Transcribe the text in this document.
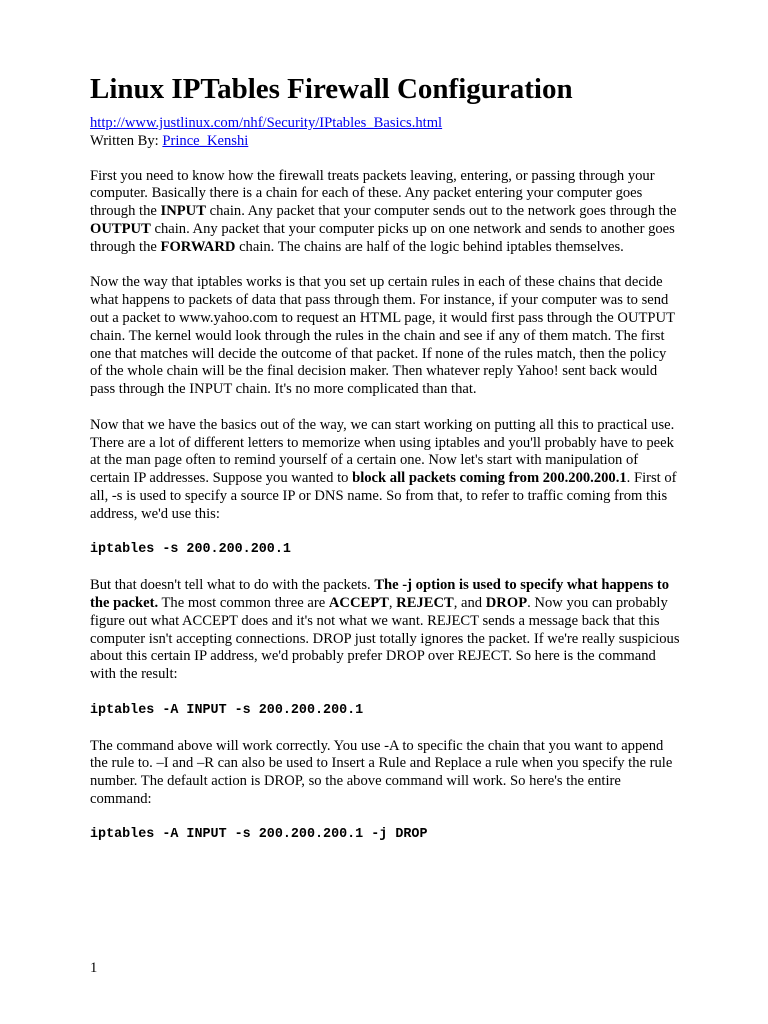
Linux IPTables Firewall Configuration
http://www.justlinux.com/nhf/Security/IPtables_Basics.html
Written By: Prince_Kenshi

First you need to know how the firewall treats packets leaving, entering, or passing through your computer. Basically there is a chain for each of these. Any packet entering your computer goes through the INPUT chain. Any packet that your computer sends out to the network goes through the OUTPUT chain. Any packet that your computer picks up on one network and sends to another goes through the FORWARD chain. The chains are half of the logic behind iptables themselves.

Now the way that iptables works is that you set up certain rules in each of these chains that decide what happens to packets of data that pass through them. For instance, if your computer was to send out a packet to www.yahoo.com to request an HTML page, it would first pass through the OUTPUT chain. The kernel would look through the rules in the chain and see if any of them match. The first one that matches will decide the outcome of that packet. If none of the rules match, then the policy of the whole chain will be the final decision maker. Then whatever reply Yahoo! sent back would pass through the INPUT chain. It's no more complicated than that.

Now that we have the basics out of the way, we can start working on putting all this to practical use. There are a lot of different letters to memorize when using iptables and you'll probably have to peek at the man page often to remind yourself of a certain one. Now let's start with manipulation of certain IP addresses. Suppose you wanted to block all packets coming from 200.200.200.1. First of all, -s is used to specify a source IP or DNS name. So from that, to refer to traffic coming from this address, we'd use this:

iptables -s 200.200.200.1

But that doesn't tell what to do with the packets. The -j option is used to specify what happens to the packet. The most common three are ACCEPT, REJECT, and DROP. Now you can probably figure out what ACCEPT does and it's not what we want. REJECT sends a message back that this computer isn't accepting connections. DROP just totally ignores the packet. If we're really suspicious about this certain IP address, we'd probably prefer DROP over REJECT. So here is the command with the result:

iptables -A INPUT -s 200.200.200.1

The command above will work correctly. You use -A to specific the chain that you want to append the rule to. –I and –R can also be used to Insert a Rule and Replace a rule when you specify the rule number. The default action is DROP, so the above command will work. So here's the entire command:

iptables -A INPUT -s 200.200.200.1 -j DROP
1
